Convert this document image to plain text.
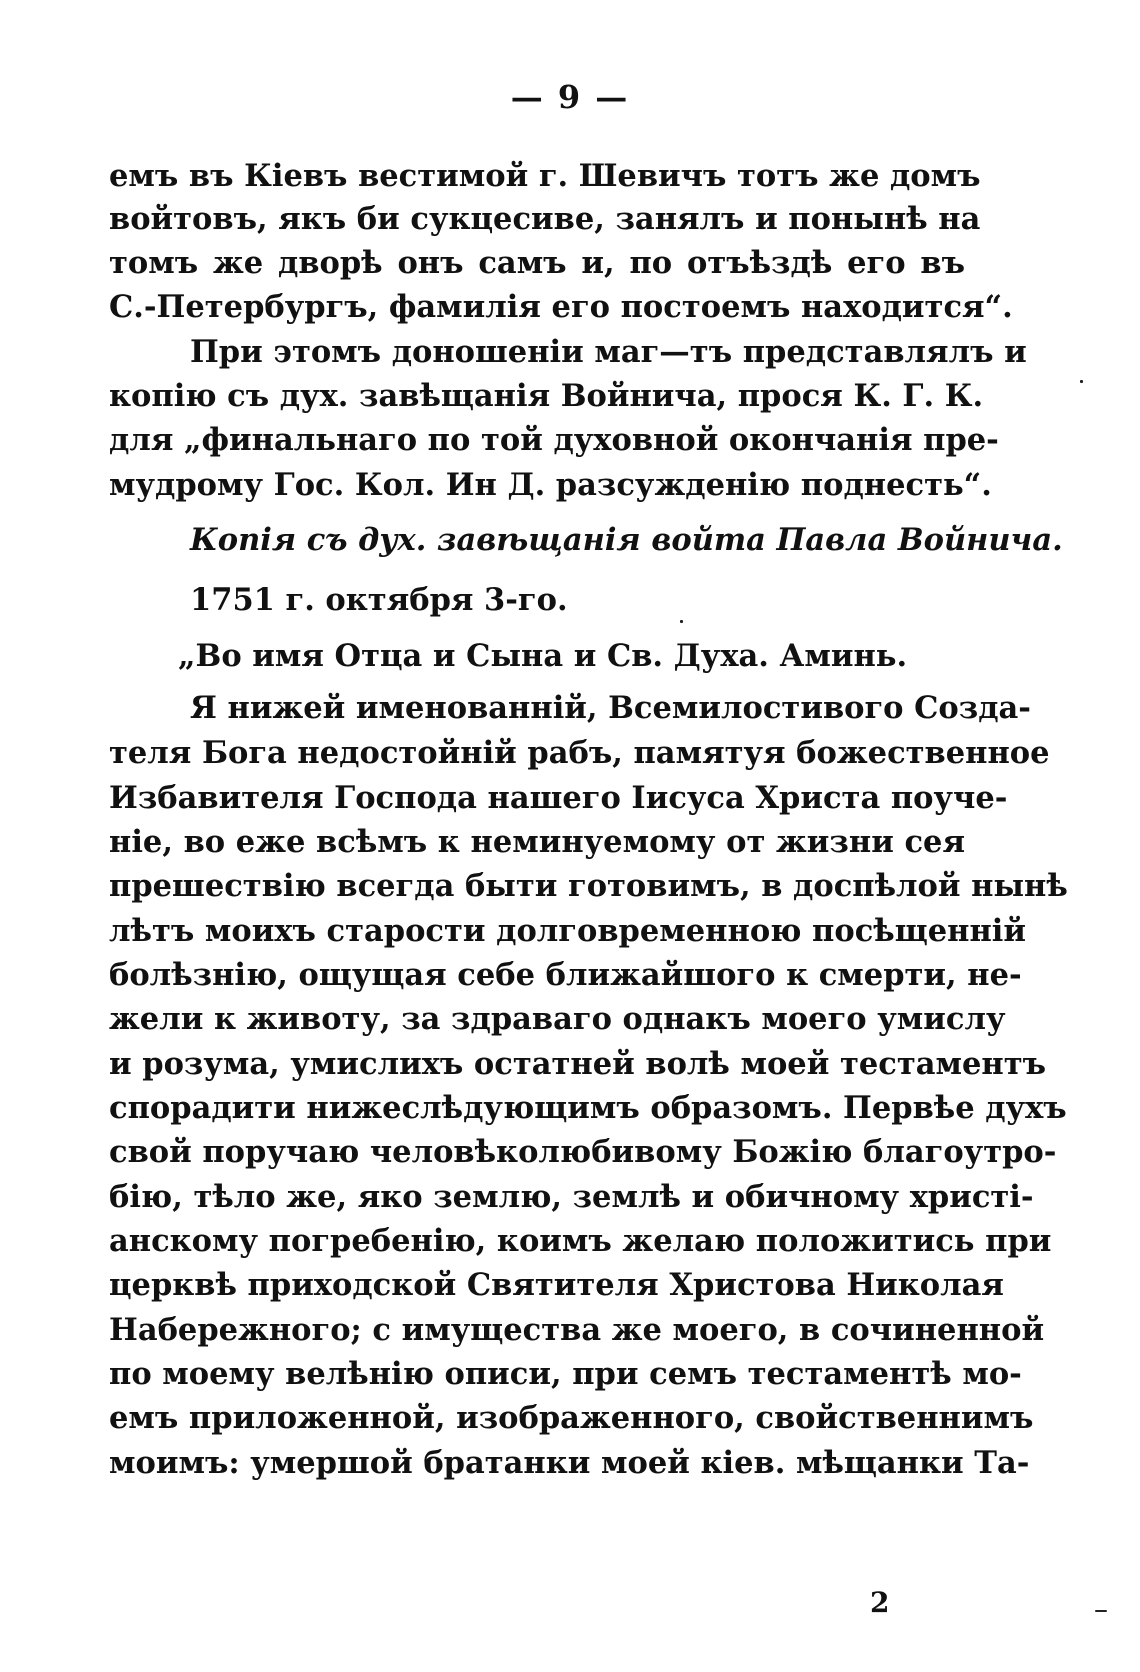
— 9 —
емъ въ Кіевъ вестимой г. Шевичъ тотъ же домъ
войтовъ, якъ би сукцесиве, занялъ и понынѣ на
томъ же дворѣ онъ самъ и, по отъѣздѣ его въ
С.-Петербургъ, фамилія его постоемъ находится“.
При этомъ доношеніи маг—тъ представлялъ и
копію съ дух. завѣщанія Войнича, прося К. Г. К.
для „финальнаго по той духовной окончанія пре-
мудрому Гос. Кол. Ин Д. разсужденію поднесть“.
Копія съ дух. завѣщанія войта Павла Войнича.
1751 г. октября 3-го.
„Во имя Отца и Сына и Св. Духа. Аминь.
Я нижей именованній, Всемилостивого Созда-
теля Бога недостойній рабъ, памятуя божественное
Избавителя Господа нашего Іисуса Христа поуче-
ніе, во еже всѣмъ к неминуемому от жизни сея
прешествію всегда быти готовимъ, в доспѣлой нынѣ
лѣтъ моихъ старости долговременною посѣщенній
болѣзнію, ощущая себе ближайшого к смерти, не-
жели к животу, за здраваго однакъ моего умислу
и розума, умислихъ остатней волѣ моей тестаментъ
спорадити нижеслѣдующимъ образомъ. Первѣе духъ
свой поручаю человѣколюбивому Божію благоутро-
бію, тѣло же, яко землю, землѣ и обичному христі-
анскому погребенію, коимъ желаю положитись при
церквѣ приходской Святителя Христова Николая
Набережного; с имущества же моего, в сочиненной
по моему велѣнію описи, при семъ тестаментѣ мо-
емъ приложенной, изображенного, свойственнимъ
моимъ: умершой братанки моей кіев. мѣщанки Та-
2
